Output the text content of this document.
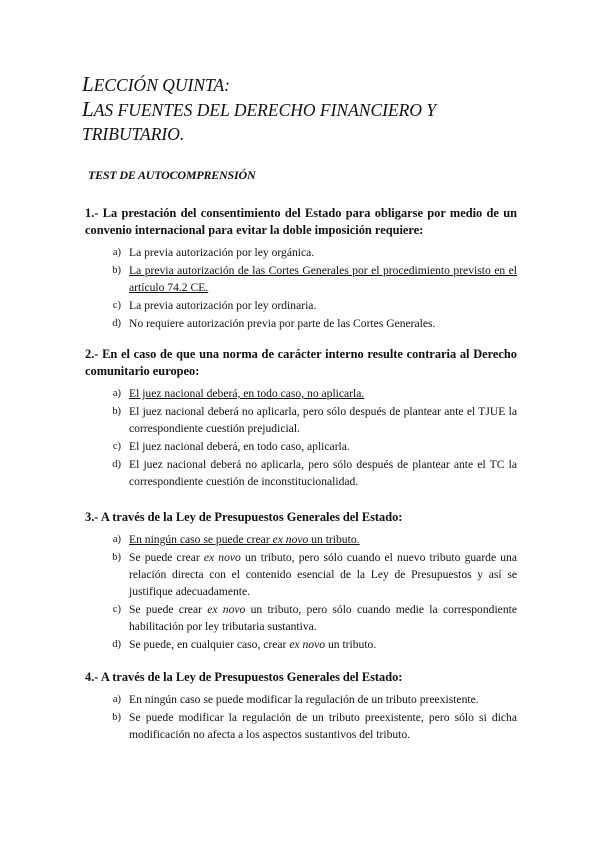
LECCIÓN QUINTA:
LAS FUENTES DEL DERECHO FINANCIERO Y
TRIBUTARIO.
TEST DE AUTOCOMPRENSIÓN

1.- La prestación del consentimiento del Estado para obligarse por medio de un convenio internacional para evitar la doble imposición requiere:

a) La previa autorización por ley orgánica.
b) La previa autorización de las Cortes Generales por el procedimiento previsto en el artículo 74.2 CE.
c) La previa autorización por ley ordinaria.
d) No requiere autorización previa por parte de las Cortes Generales.

2.- En el caso de que una norma de carácter interno resulte contraria al Derecho comunitario europeo:

a) El juez nacional deberá, en todo caso, no aplicarla.
b) El juez nacional deberá no aplicarla, pero sólo después de plantear ante el TJUE la correspondiente cuestión prejudicial.
c) El juez nacional deberá, en todo caso, aplicarla.
d) El juez nacional deberá no aplicarla, pero sólo después de plantear ante el TC la correspondiente cuestión de inconstitucionalidad.

3.- A través de la Ley de Presupuestos Generales del Estado:

a) En ningún caso se puede crear ex novo un tributo.
b) Se puede crear ex novo un tributo, pero sólo cuando el nuevo tributo guarde una relación directa con el contenido esencial de la Ley de Presupuestos y así se justifique adecuadamente.
c) Se puede crear ex novo un tributo, pero sólo cuando medie la correspondiente habilitación por ley tributaria sustantiva.
d) Se puede, en cualquier caso, crear ex novo un tributo.

4.- A través de la Ley de Presupuestos Generales del Estado:

a) En ningún caso se puede modificar la regulación de un tributo preexistente.
b) Se puede modificar la regulación de un tributo preexistente, pero sólo si dicha modificación no afecta a los aspectos sustantivos del tributo.
